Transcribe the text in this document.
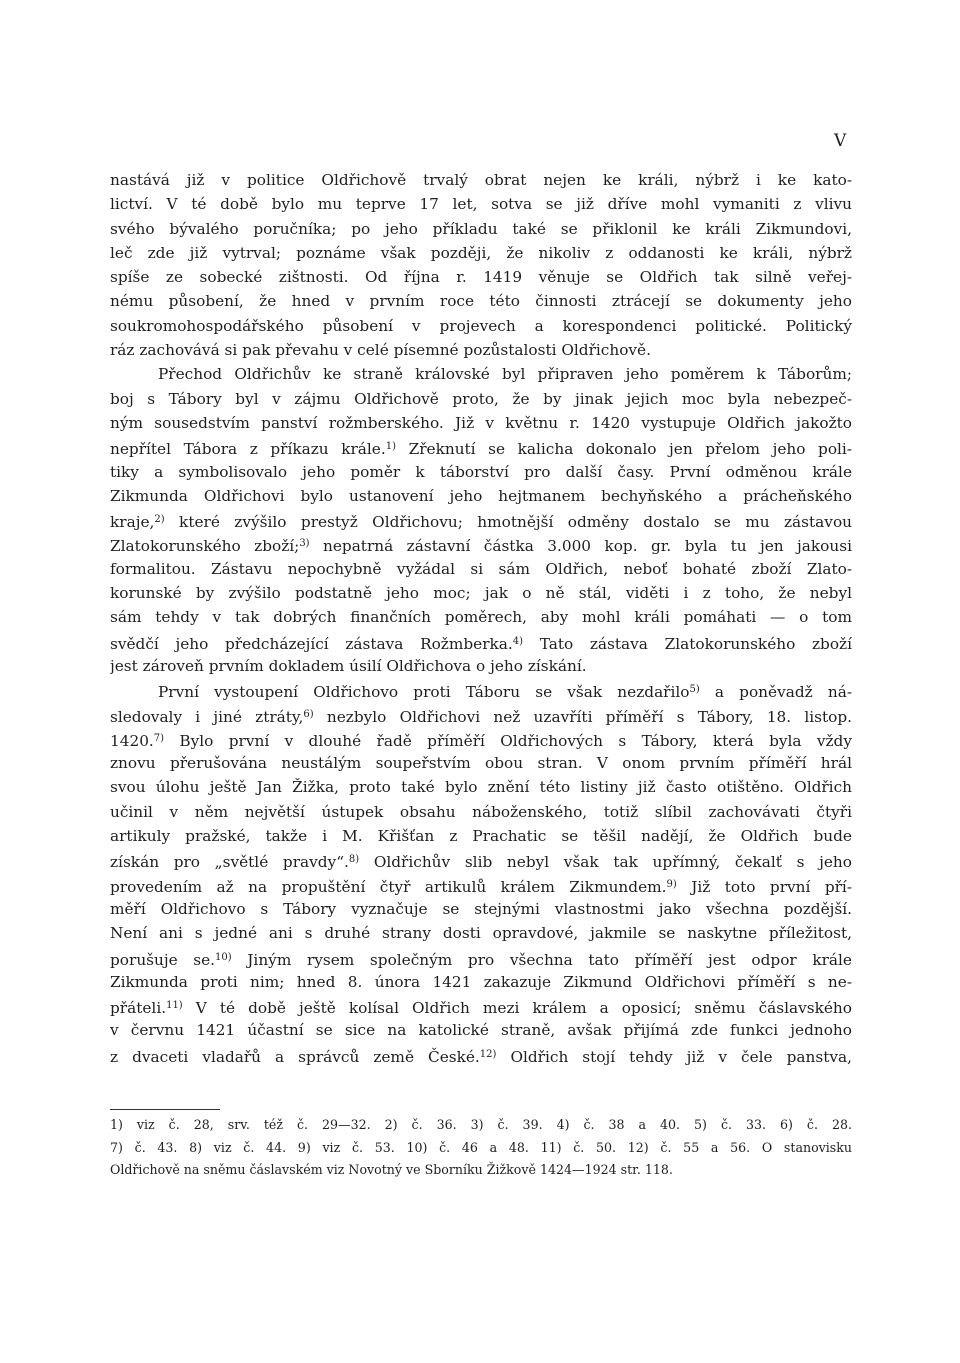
V
nastává již v politice Oldřichově trvalý obrat nejen ke králi, nýbrž i ke kato-
lictví. V té době bylo mu teprve 17 let, sotva se již dříve mohl vymaniti z vlivu
svého bývalého poručníka; po jeho příkladu také se přiklonil ke králi Zikmundovi,
leč zde již vytrval; poznáme však později, že nikoliv z oddanosti ke králi, nýbrž
spíše ze sobecké zištnosti. Od října r. 1419 věnuje se Oldřich tak silně veřej-
nému působení, že hned v prvním roce této činnosti ztrácejí se dokumenty jeho
soukromohospodářského působení v projevech a korespondenci politické. Politický
ráz zachovává si pak převahu v celé písemné pozůstalosti Oldřichově.
Přechod Oldřichův ke straně královské byl připraven jeho poměrem k Táborům;
boj s Tábory byl v zájmu Oldřichově proto, že by jinak jejich moc byla nebezpeč-
ným sousedstvím panství rožmberského. Již v květnu r. 1420 vystupuje Oldřich jakožto
nepřítel Tábora z příkazu krále.$^{1)}$ Zřeknutí se kalicha dokonalo jen přelom jeho poli-
tiky a symbolisovalo jeho poměr k táborství pro další časy. První odměnou krále
Zikmunda Oldřichovi bylo ustanovení jeho hejtmanem bechyňského a prácheňského
kraje,$^{2)}$ které zvýšilo prestyž Oldřichovu; hmotnější odměny dostalo se mu zástavou
Zlatokorunského zboží;$^{3)}$ nepatrná zástavní částka 3.000 kop. gr. byla tu jen jakousi
formalitou. Zástavu nepochybně vyžádal si sám Oldřich, neboť bohaté zboží Zlato-
korunské by zvýšilo podstatně jeho moc; jak o ně stál, viděti i z toho, že nebyl
sám tehdy v tak dobrých finančních poměrech, aby mohl králi pomáhati — o tom
svědčí jeho předcházející zástava Rožmberka.$^{4)}$ Tato zástava Zlatokorunského zboží
jest zároveň prvním dokladem úsilí Oldřichova o jeho získání.
První vystoupení Oldřichovo proti Táboru se však nezdařilo$^{5)}$ a poněvadž ná-
sledovaly i jiné ztráty,$^{6)}$ nezbylo Oldřichovi než uzavříti příměří s Tábory, 18. listop.
1420.$^{7)}$ Bylo první v dlouhé řadě příměří Oldřichových s Tábory, která byla vždy
znovu přerušována neustálým soupeřstvím obou stran. V onom prvním příměří hrál
svou úlohu ještě Jan Žižka, proto také bylo znění této listiny již často otištěno. Oldřich
učinil v něm největší ústupek obsahu náboženského, totiž slíbil zachovávati čtyři
artikuly pražské, takže i M. Křišťan z Prachatic se těšil nadějí, že Oldřich bude
získán pro „světlé pravdy“.$^{8)}$ Oldřichův slib nebyl však tak upřímný, čekalť s jeho
provedením až na propuštění čtyř artikulů králem Zikmundem.$^{9)}$ Již toto první pří-
měří Oldřichovo s Tábory vyznačuje se stejnými vlastnostmi jako všechna pozdější.
Není ani s jedné ani s druhé strany dosti opravdové, jakmile se naskytne příležitost,
porušuje se.$^{10)}$ Jiným rysem společným pro všechna tato příměří jest odpor krále
Zikmunda proti nim; hned 8. února 1421 zakazuje Zikmund Oldřichovi příměří s ne-
přáteli.$^{11)}$ V té době ještě kolísal Oldřich mezi králem a oposicí; sněmu čáslavského
v červnu 1421 účastní se sice na katolické straně, avšak přijímá zde funkci jednoho
z dvaceti vladařů a správců země České.$^{12)}$ Oldřich stojí tehdy již v čele panstva,
1) viz č. 28, srv. též č. 29—32. 2) č. 36. 3) č. 39. 4) č. 38 a 40. 5) č. 33. 6) č. 28.
7) č. 43. 8) viz č. 44. 9) viz č. 53. 10) č. 46 a 48. 11) č. 50. 12) č. 55 a 56. O stanovisku
Oldřichově na sněmu čáslavském viz Novotný ve Sborníku Žižkově 1424—1924 str. 118.
